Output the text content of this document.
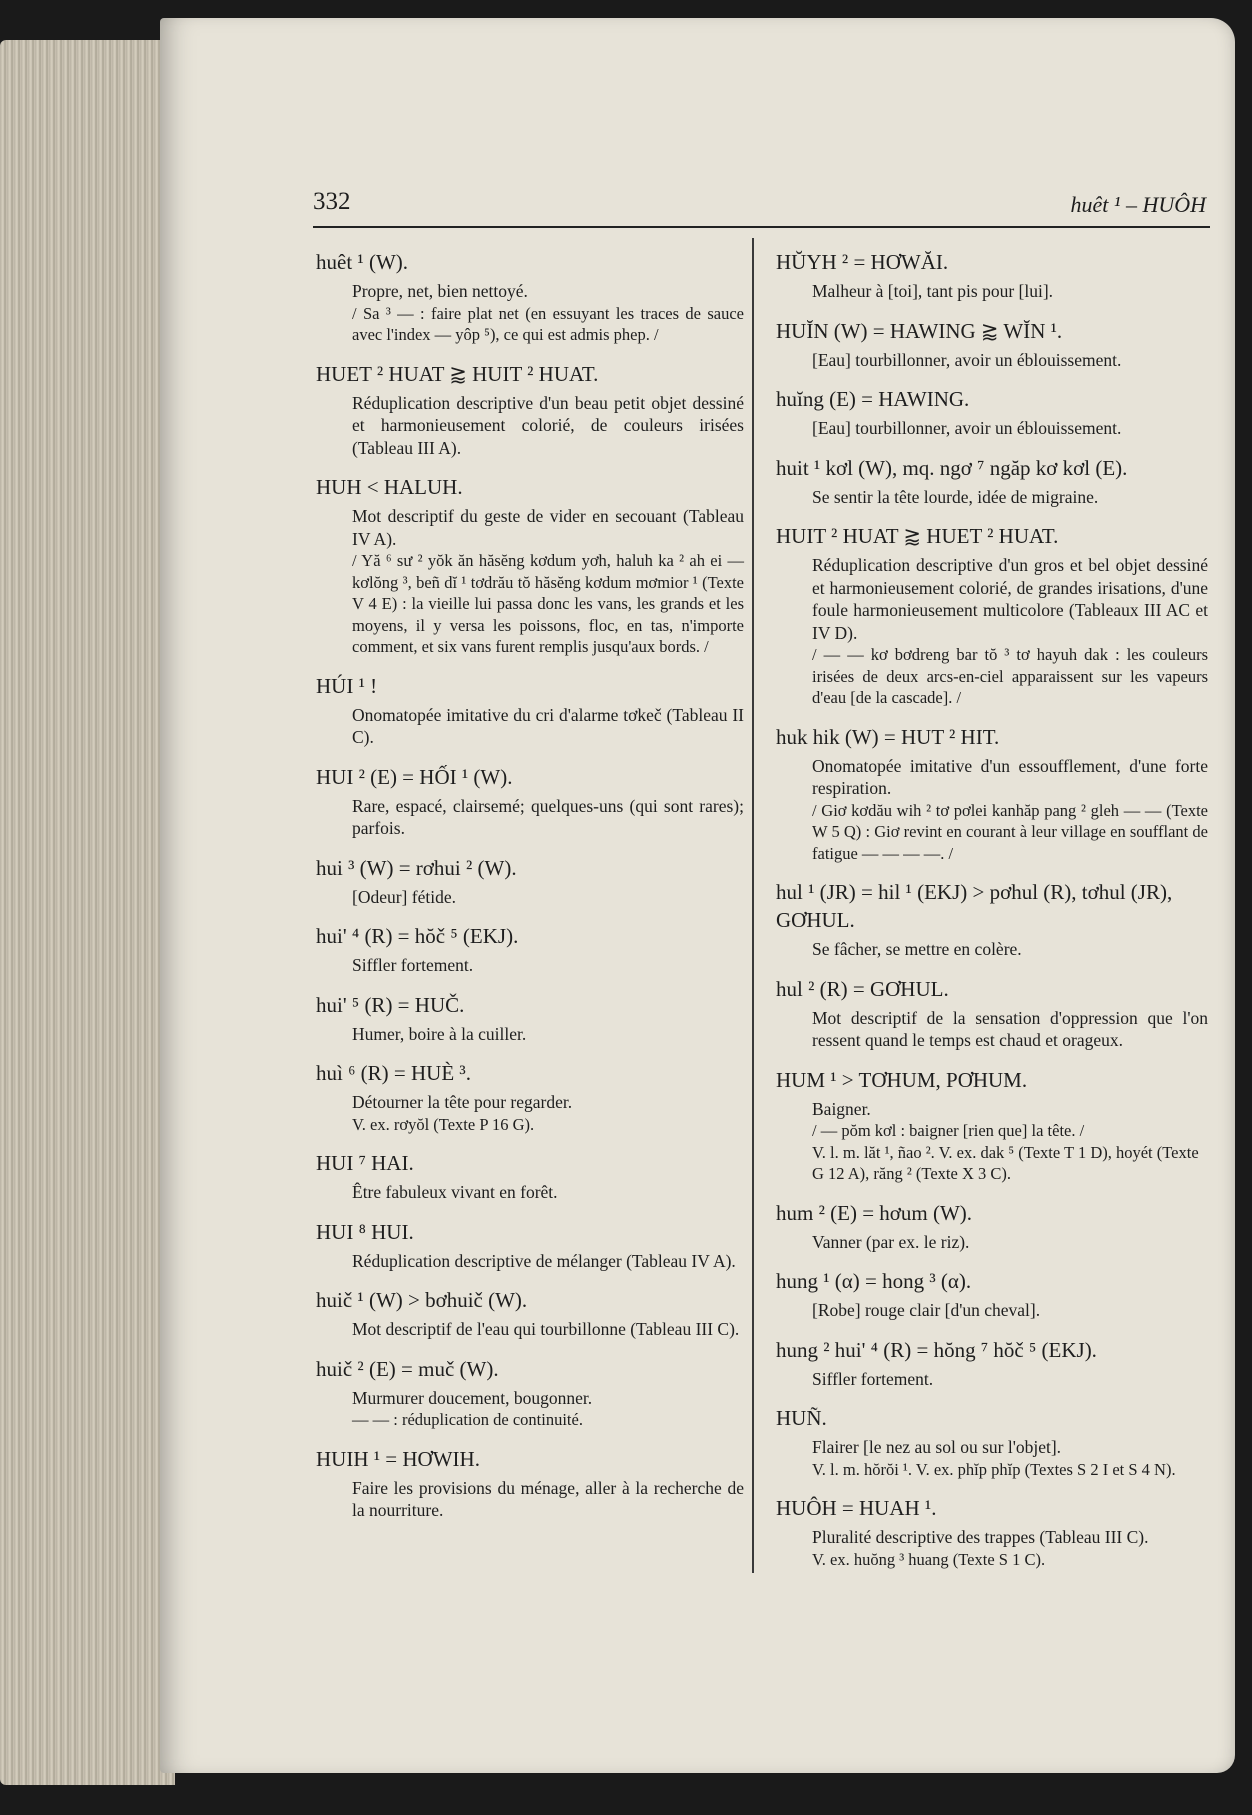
332	huêt ¹ – HUÔH
huêt ¹ (W).
Propre, net, bien nettoyé.
/ Sa ³ — : faire plat net (en essuyant les traces de sauce avec l'index — yôp ⁵), ce qui est admis phep. /
HUET ² HUAT ⪆ HUIT ² HUAT.
Réduplication descriptive d'un beau petit objet dessiné et harmonieusement colorié, de couleurs irisées (Tableau III A).
HUH < HALUH.
Mot descriptif du geste de vider en secouant (Tableau IV A).
/ Yă ⁶ sư ² yŏk ăn hăsĕng kơdum yơh, haluh ka ² ah ei — kơlŏng ³, beñ dĭ ¹ tơdrău tŏ hăsĕng kơdum mơmior ¹ (Texte V 4 E) : la vieille lui passa donc les vans, les grands et les moyens, il y versa les poissons, floc, en tas, n'importe comment, et six vans furent remplis jusqu'aux bords. /
HÚI ¹ !
Onomatopée imitative du cri d'alarme tơkeč (Tableau II C).
HUI ² (E) = HỐI ¹ (W).
Rare, espacé, clairsemé; quelques-uns (qui sont rares); parfois.
hui ³ (W) = rơhui ² (W).
[Odeur] fétide.
hui' ⁴ (R) = hŏč ⁵ (EKJ).
Siffler fortement.
hui' ⁵ (R) = HUČ.
Humer, boire à la cuiller.
huì ⁶ (R) = HUÈ ³.
Détourner la tête pour regarder.
V. ex. rơyŏl (Texte P 16 G).
HUI ⁷ HAI.
Être fabuleux vivant en forêt.
HUI ⁸ HUI.
Réduplication descriptive de mélanger (Tableau IV A).
huič ¹ (W) > bơhuič (W).
Mot descriptif de l'eau qui tourbillonne (Tableau III C).
huič ² (E) = muč (W).
Murmurer doucement, bougonner.
— — : réduplication de continuité.
HUIH ¹ = HƠWIH.
Faire les provisions du ménage, aller à la recherche de la nourriture.
HŬYH ² = HƠWĂI.
Malheur à [toi], tant pis pour [lui].
HUĬN (W) = HAWING ⪆ WĬN ¹.
[Eau] tourbillonner, avoir un éblouissement.
huĭng (E) = HAWING.
[Eau] tourbillonner, avoir un éblouissement.
huit ¹ kơl (W), mq. ngơ ⁷ ngăp kơ kơl (E).
Se sentir la tête lourde, idée de migraine.
HUIT ² HUAT ⪆ HUET ² HUAT.
Réduplication descriptive d'un gros et bel objet dessiné et harmonieusement colorié, de grandes irisations, d'une foule harmonieusement multicolore (Tableaux III AC et IV D).
/ — — kơ bơdreng bar tŏ ³ tơ hayuh dak : les couleurs irisées de deux arcs-en-ciel apparaissent sur les vapeurs d'eau [de la cascade]. /
huk hik (W) = HUT ² HIT.
Onomatopée imitative d'un essoufflement, d'une forte respiration.
/ Giơ kơdău wih ² tơ pơlei kanhăp pang ² gleh — — (Texte W 5 Q) : Giơ revint en courant à leur village en soufflant de fatigue — — — —. /
hul ¹ (JR) = hil ¹ (EKJ) > pơhul (R), tơhul (JR), GƠHUL.
Se fâcher, se mettre en colère.
hul ² (R) = GƠHUL.
Mot descriptif de la sensation d'oppression que l'on ressent quand le temps est chaud et orageux.
HUM ¹ > TƠHUM, PƠHUM.
Baigner.
/ — pŏm kơl : baigner [rien que] la tête. /
V. l. m. lăt ¹, ñao ². V. ex. dak ⁵ (Texte T 1 D), hoyét (Texte G 12 A), răng ² (Texte X 3 C).
hum ² (E) = hơum (W).
Vanner (par ex. le riz).
hung ¹ (α) = hong ³ (α).
[Robe] rouge clair [d'un cheval].
hung ² hui' ⁴ (R) = hŏng ⁷ hŏč ⁵ (EKJ).
Siffler fortement.
HUÑ.
Flairer [le nez au sol ou sur l'objet].
V. l. m. hŏrŏi ¹. V. ex. phĭp phĭp (Textes S 2 I et S 4 N).
HUÔH = HUAH ¹.
Pluralité descriptive des trappes (Tableau III C).
V. ex. huŏng ³ huang (Texte S 1 C).
